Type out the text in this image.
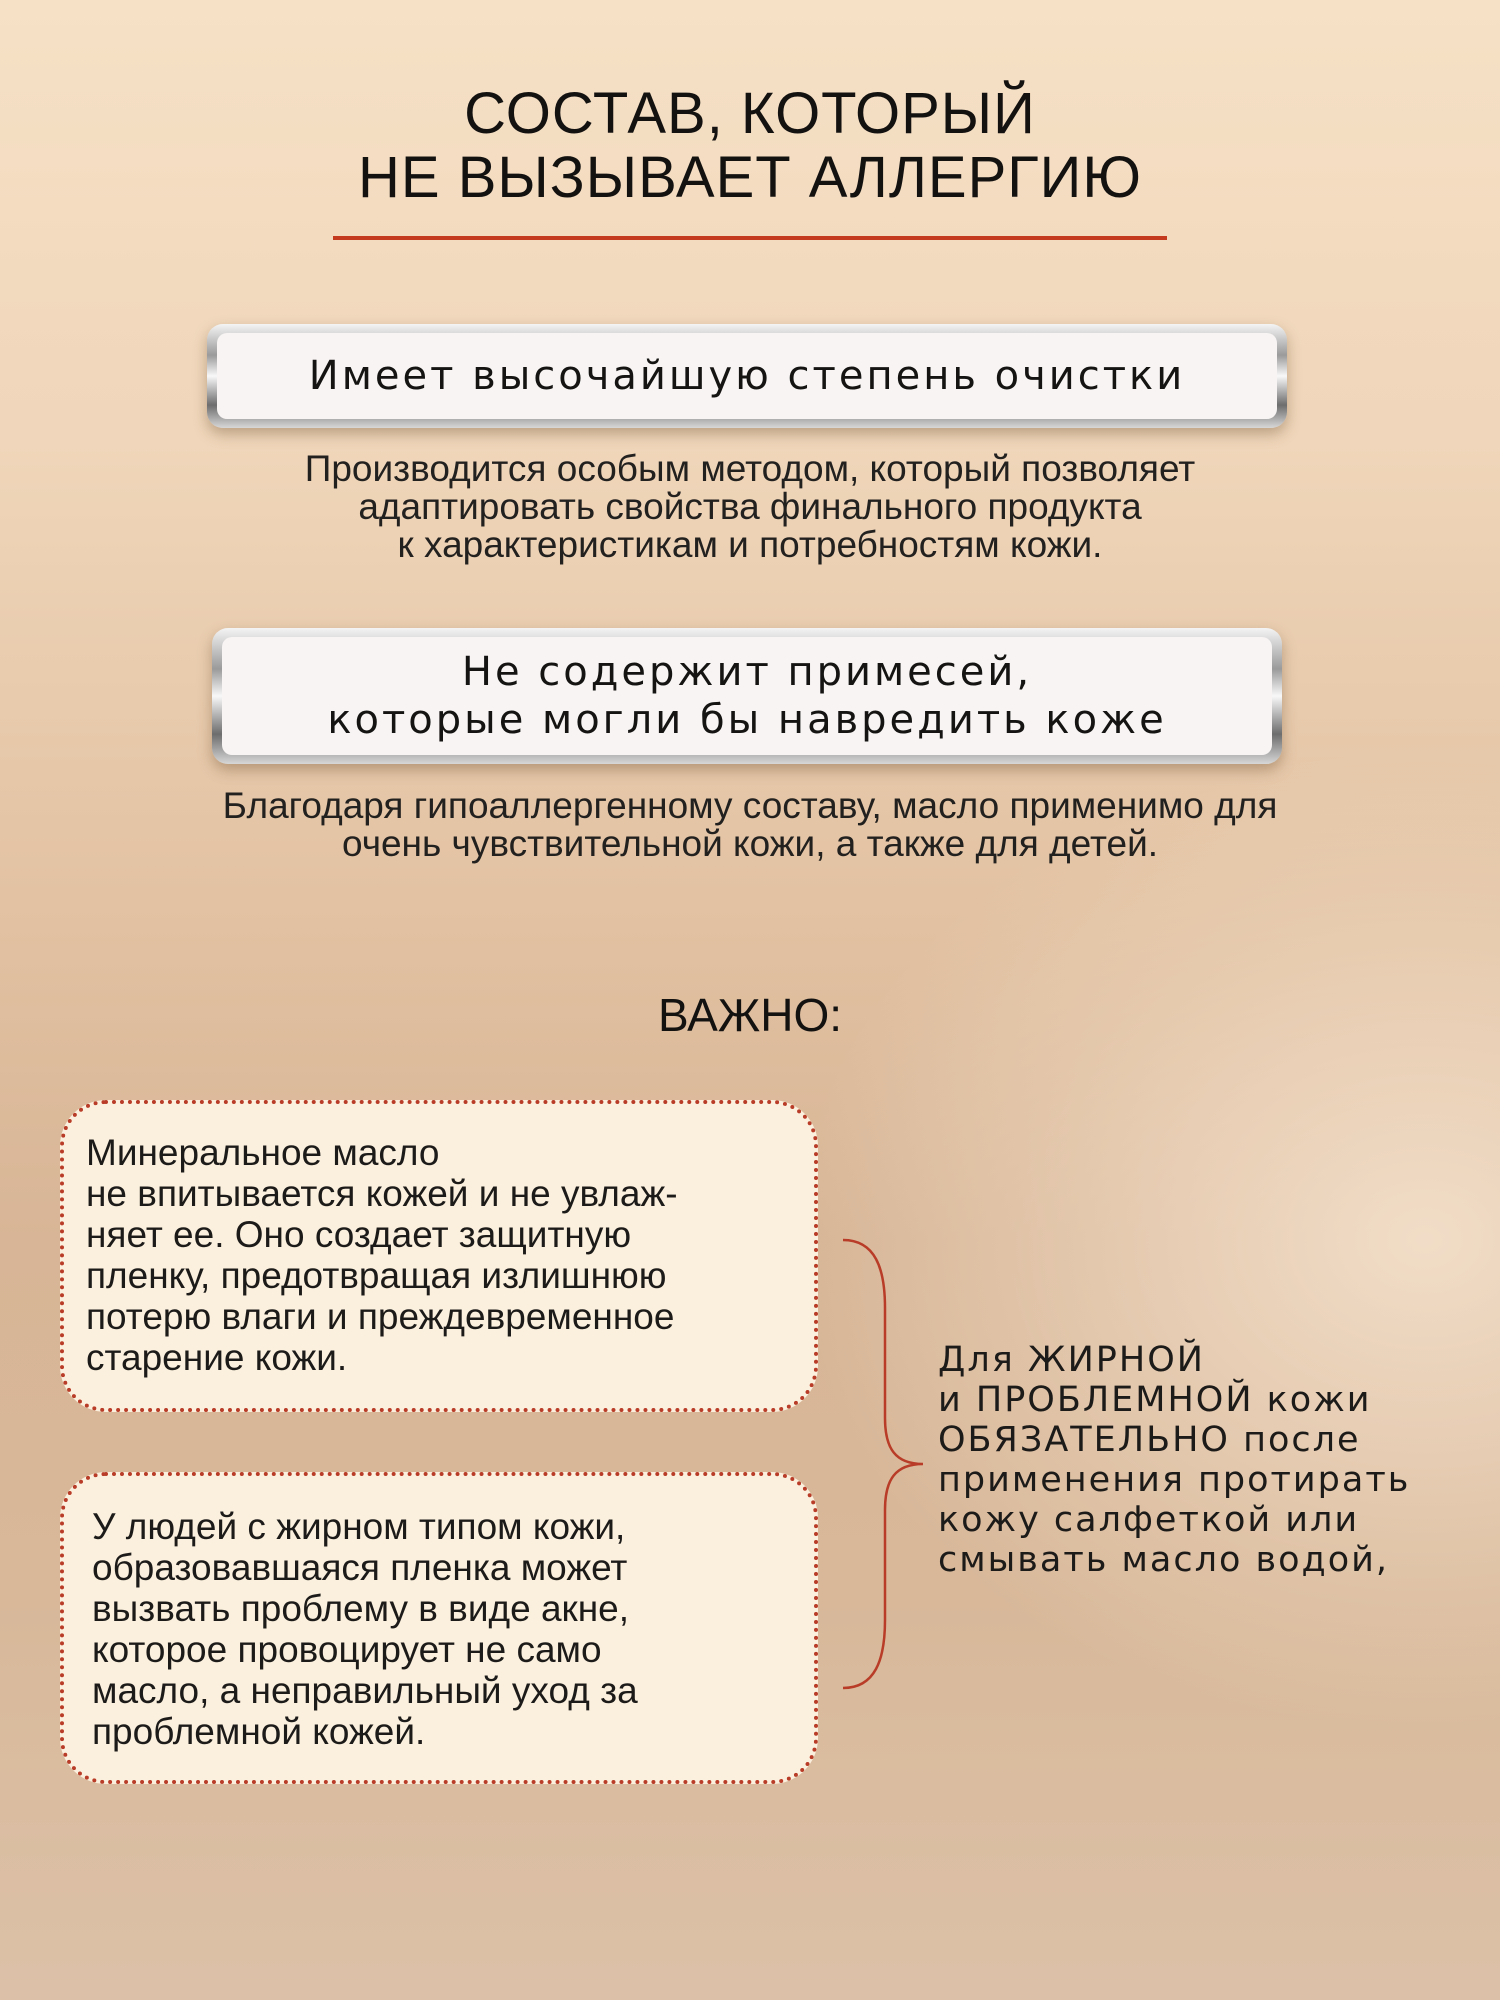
СОСТАВ, КОТОРЫЙ
НЕ ВЫЗЫВАЕТ АЛЛЕРГИЮ
Имеет высочайшую степень очистки
Производится особым методом, который позволяет
адаптировать свойства финального продукта
к характеристикам и потребностям кожи.
Не содержит примесей,
которые могли бы навредить коже
Благодаря гипоаллергенному составу, масло применимо для
очень чувствительной кожи, а также для детей.
ВАЖНО:
Минеральное масло
не впитывается кожей и не увлаж-
няет ее. Оно создает защитную
пленку, предотвращая излишнюю
потерю влаги и преждевременное
старение кожи.
У людей с жирном типом кожи,
образовавшаяся пленка может
вызвать проблему в виде акне,
которое провоцирует не само
масло, а неправильный уход за
проблемной кожей.
Для ЖИРНОЙ
и ПРОБЛЕМНОЙ кожи
ОБЯЗАТЕЛЬНО после
применения протирать
кожу салфеткой или
смывать масло водой,
